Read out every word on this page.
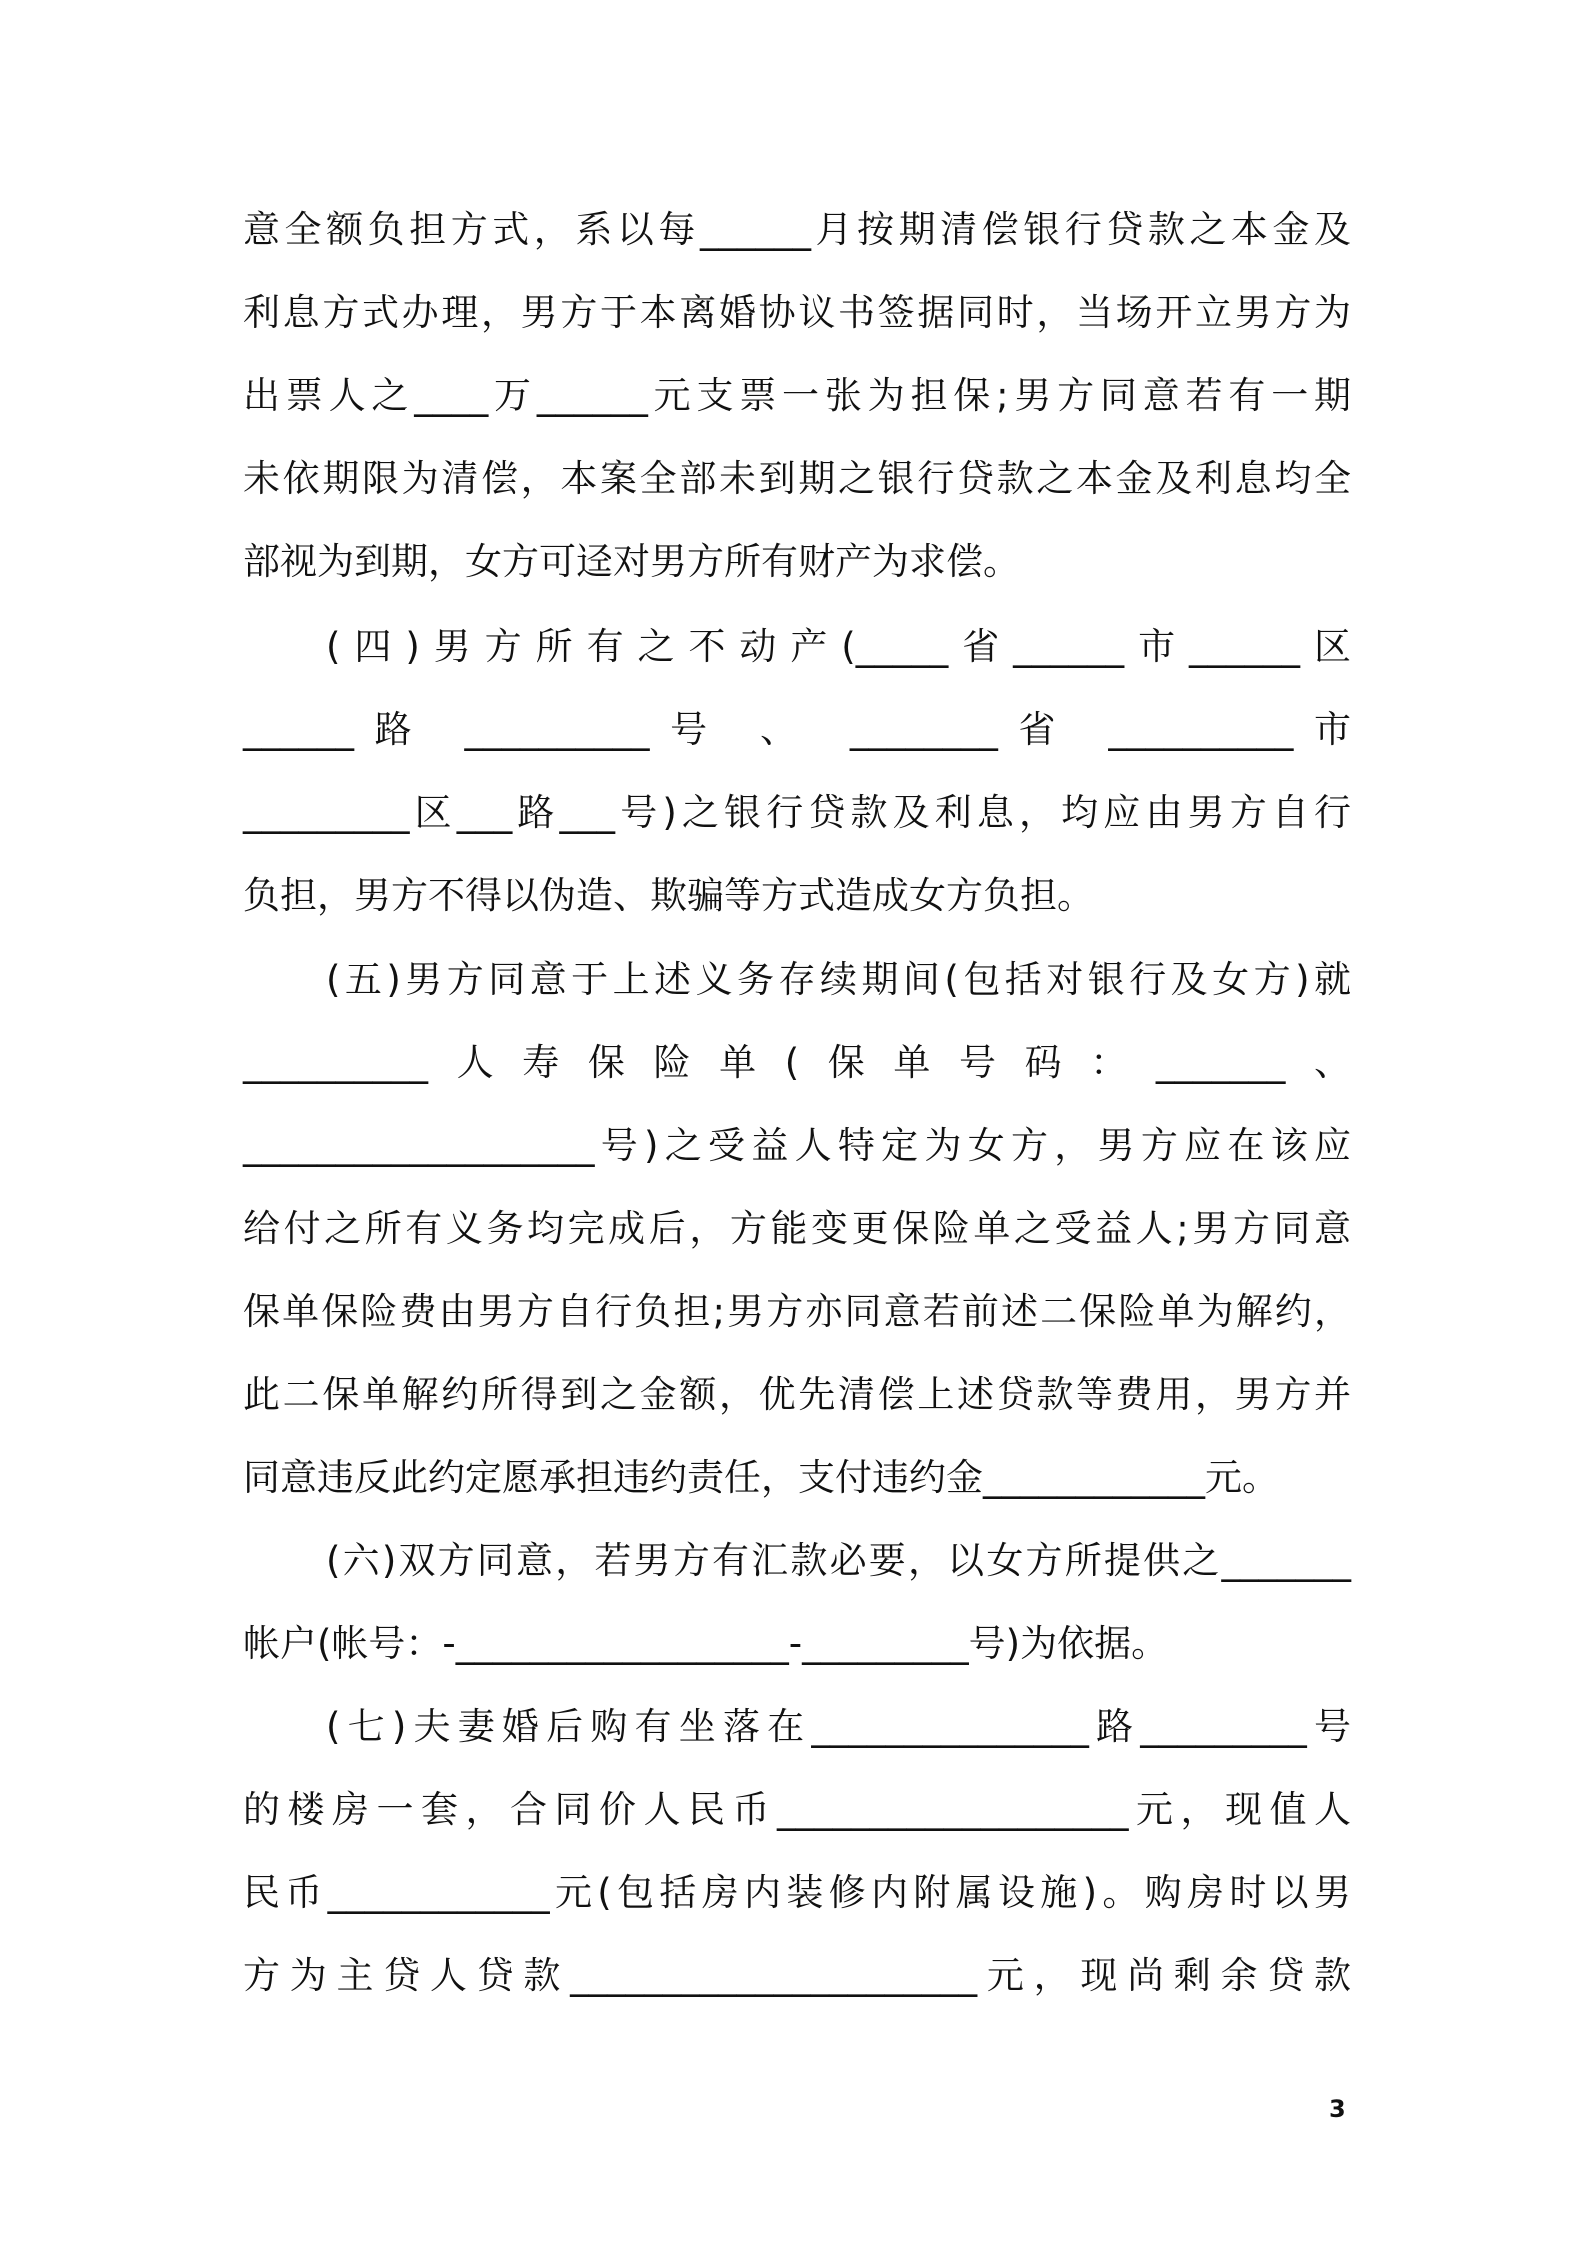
意全额负担方式，系以每______月按期清偿银行贷款之本金及
利息方式办理，男方于本离婚协议书签据同时，当场开立男方为
出票人之____万______元支票一张为担保;男方同意若有一期
未依期限为清偿，本案全部未到期之银行贷款之本金及利息均全
部视为到期，女方可迳对男方所有财产为求偿。
(四)男方所有之不动产(_____省______市______区
______路 __________号 、 ________省 __________市
_________区___路___号)之银行贷款及利息，均应由男方自行
负担，男方不得以伪造、欺骗等方式造成女方负担。
(五)男方同意于上述义务存续期间(包括对银行及女方)就
__________人寿保险单(保单号码：_______、
___________________号)之受益人特定为女方，男方应在该应
给付之所有义务均完成后，方能变更保险单之受益人;男方同意
保单保险费由男方自行负担;男方亦同意若前述二保险单为解约，
此二保单解约所得到之金额，优先清偿上述贷款等费用，男方并
同意违反此约定愿承担违约责任，支付违约金____________元。
(六)双方同意，若男方有汇款必要，以女方所提供之_______
帐户(帐号：-__________________-_________号)为依据。
(七)夫妻婚后购有坐落在_______________路_________号
的楼房一套，合同价人民币___________________元，现值人
民币____________元(包括房内装修内附属设施)。购房时以男
方为主贷人贷款______________________元，现尚剩余贷款
3
